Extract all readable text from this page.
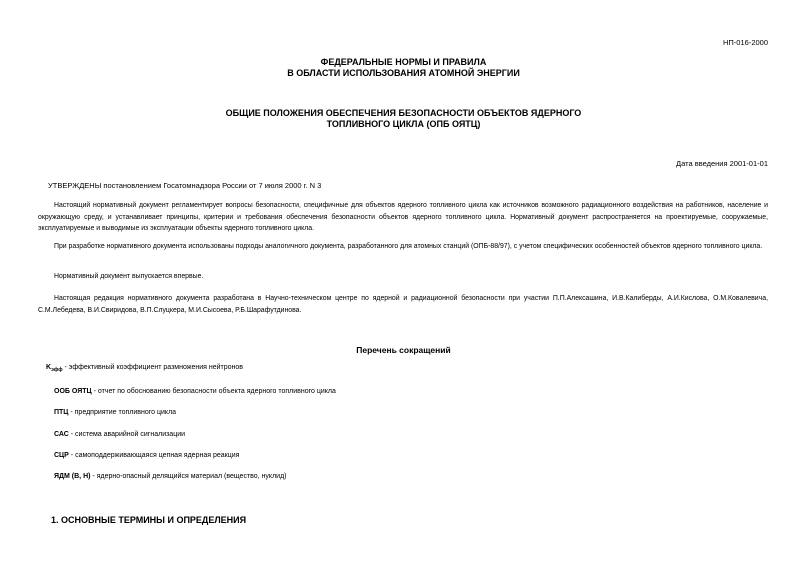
НП-016-2000
ФЕДЕРАЛЬНЫЕ НОРМЫ И ПРАВИЛА
В ОБЛАСТИ ИСПОЛЬЗОВАНИЯ АТОМНОЙ ЭНЕРГИИ
ОБЩИЕ ПОЛОЖЕНИЯ ОБЕСПЕЧЕНИЯ БЕЗОПАСНОСТИ ОБЪЕКТОВ ЯДЕРНОГО
ТОПЛИВНОГО ЦИКЛА (ОПБ ОЯТЦ)
Дата введения 2001-01-01
УТВЕРЖДЕНЫ постановлением Госатомнадзора России от 7 июля 2000 г. N 3
Настоящий нормативный документ регламентирует вопросы безопасности, специфичные для объектов ядерного топливного цикла как источников возможного радиационного воздействия на работников, население и окружающую среду, и устанавливает принципы, критерии и требования обеспечения безопасности объектов ядерного топливного цикла. Нормативный документ распространяется на проектируемые, сооружаемые, эксплуатируемые и выводимые из эксплуатации объекты ядерного топливного цикла.
При разработке нормативного документа использованы подходы аналогичного документа, разработанного для атомных станций (ОПБ-88/97), с учетом специфических особенностей объектов ядерного топливного цикла.
Нормативный документ выпускается впервые.
Настоящая редакция нормативного документа разработана в Научно-техническом центре по ядерной и радиационной безопасности при участии П.П.Алексашина, И.В.Калиберды, А.И.Кислова, О.М.Ковалевича, С.М.Лебедева, В.И.Свиридова, В.П.Слуцкера, М.И.Сысоева, Р.Б.Шарафутдинова.
Перечень сокращений
$K_{эфф}$ - эффективный коэффициент размножения нейтронов
ООБ ОЯТЦ - отчет по обоснованию безопасности объекта ядерного топливного цикла
ПТЦ - предприятие топливного цикла
САС - система аварийной сигнализации
СЦР - самоподдерживающаяся цепная ядерная реакция
ЯДМ (В, Н) - ядерно-опасный делящийся материал (вещество, нуклид)
1. ОСНОВНЫЕ ТЕРМИНЫ И ОПРЕДЕЛЕНИЯ
